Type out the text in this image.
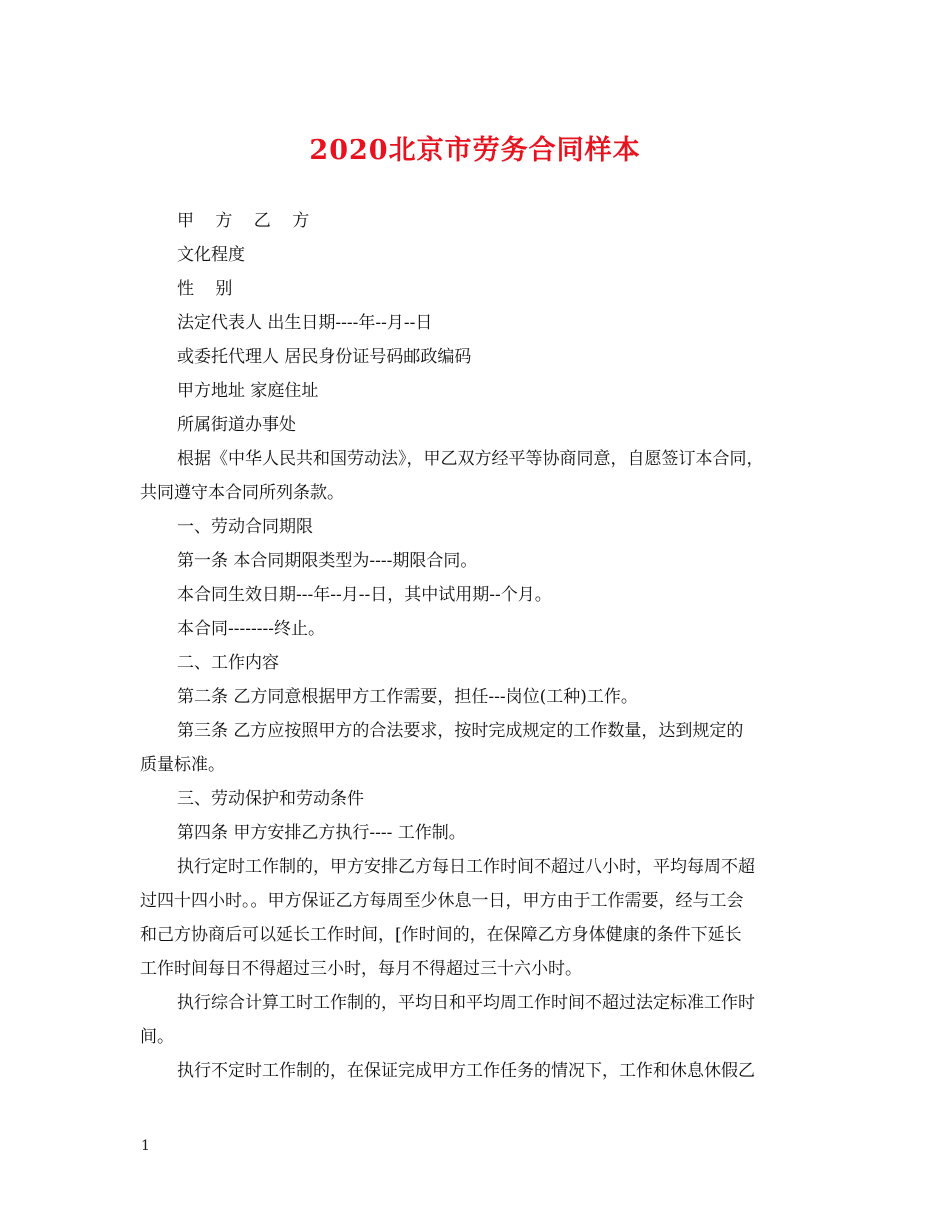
2020北京市劳务合同样本

甲 方 乙 方

文化程度

性 别

法定代表人 出生日期----年--月--日

或委托代理人 居民身份证号码邮政编码

甲方地址 家庭住址

所属街道办事处

根据《中华人民共和国劳动法》，甲乙双方经平等协商同意，自愿签订本合同，

共同遵守本合同所列条款。

一、劳动合同期限

第一条 本合同期限类型为----期限合同。

本合同生效日期---年--月--日，其中试用期--个月。

本合同--------终止。

二、工作内容

第二条 乙方同意根据甲方工作需要，担任---岗位(工种)工作。

第三条 乙方应按照甲方的合法要求，按时完成规定的工作数量，达到规定的

质量标准。

三、劳动保护和劳动条件

第四条 甲方安排乙方执行---- 工作制。

执行定时工作制的，甲方安排乙方每日工作时间不超过八小时，平均每周不超

过四十四小时。。甲方保证乙方每周至少休息一日，甲方由于工作需要，经与工会

和己方协商后可以延长工作时间，[作时间的，在保障乙方身体健康的条件下延长

工作时间每日不得超过三小时，每月不得超过三十六小时。

执行综合计算工时工作制的，平均日和平均周工作时间不超过法定标准工作时

间。

执行不定时工作制的，在保证完成甲方工作任务的情况下，工作和休息休假乙

1
